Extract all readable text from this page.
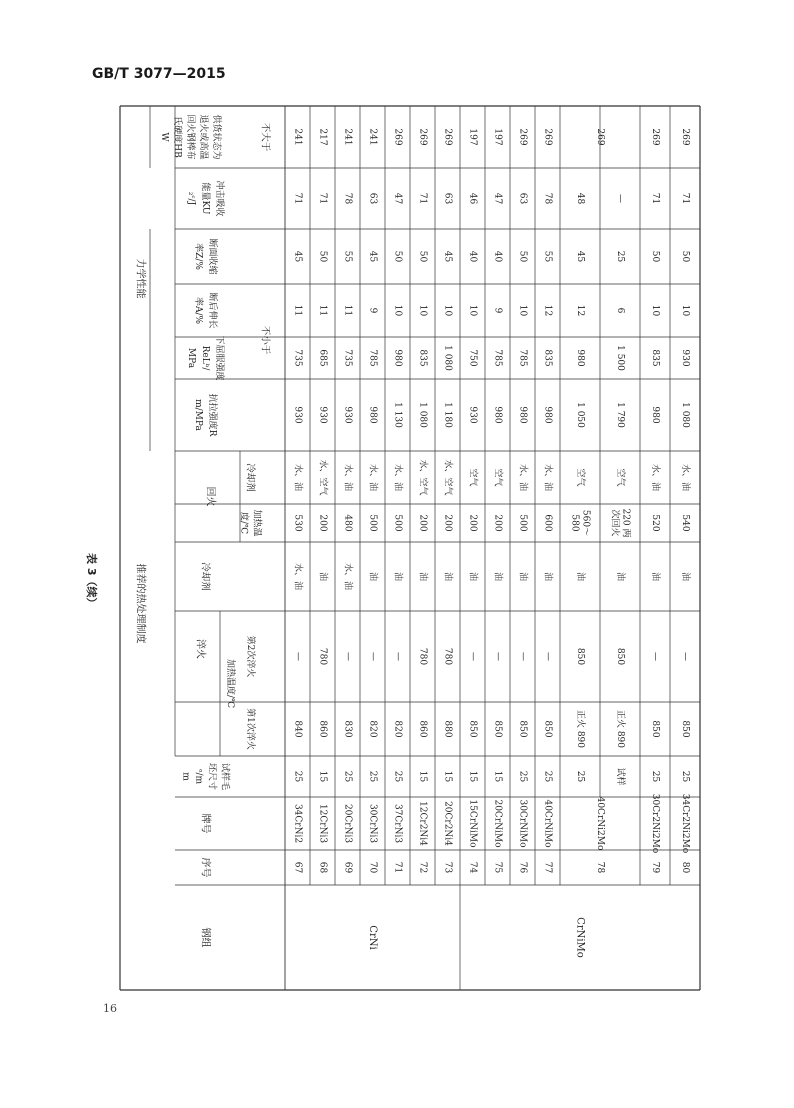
GB/T 3077—2015
表 3（续）
16
钢组
序号
牌号
试样毛
坯尺寸
ᵃ/m
m
推荐的热处理制度
淬火
加热温度/℃
第1次淬火
第2次淬火
冷却剂
回火
加热温
度/℃
冷却剂
力学性能
抗拉强度R
m/MPa
下屈服强度
ReLᵇ/
MPa
断后伸长
率A/%
断面收缩
率Z/%
冲击吸收
能量KU
₂ᶜ/J
不小于
供货状态为
退火或高温
回火钢棒布
氏硬度HB
W	不大于
CrNi	CrNiMo
67
34CrNi2
25
840
—
水、油
530
水、油
930
735
11
45
71
241
68
12CrNi3
15
860
780
油
200
水、空气
930
685
11
50
71
217
69
20CrNi3
25
830
—
水、油
480
水、油
930
735
11
55
78
241
70
30CrNi3
25
820
—
油
500
水、油
980
785
9
45
63
241
71
37CrNi3
25
820
—
油
500
水、油
1 130
980
10
50
47
269
72
12Cr2Ni4
15
860
780
油
200
水、空气
1 080
835
10
50
71
269
73
20Cr2Ni4
15
880
780
油
200
水、空气
1 180
1 080
10
45
63
269
74
15CrNiMo
15
850
—
油
200
空气
930
750
10
40
46
197
75
20CrNiMo
15
850
—
油
200
空气
980
785
9
40
47
197
76
30CrNiMo
25
850
—
油
500
水、油
980
785
10
50
63
269
77
40CrNiMo
25
850
—
油
600
水、油
980
835
12
55
78
269
78
40CrNi2Mo
25
正火 890
850
油
560～
580
空气
1 050
980
12
45
48
269
试样
正火 890
850
油
220 两
次回火
空气
1 790
1 500
6
25
—
79
30Cr2Ni2Mo
25
850
—
油
520
水、油
980
835
10
50
71
269
80
34Cr2Ni2Mo
25
850
—
油
540
水、油
1 080
930
10
50
71
269
